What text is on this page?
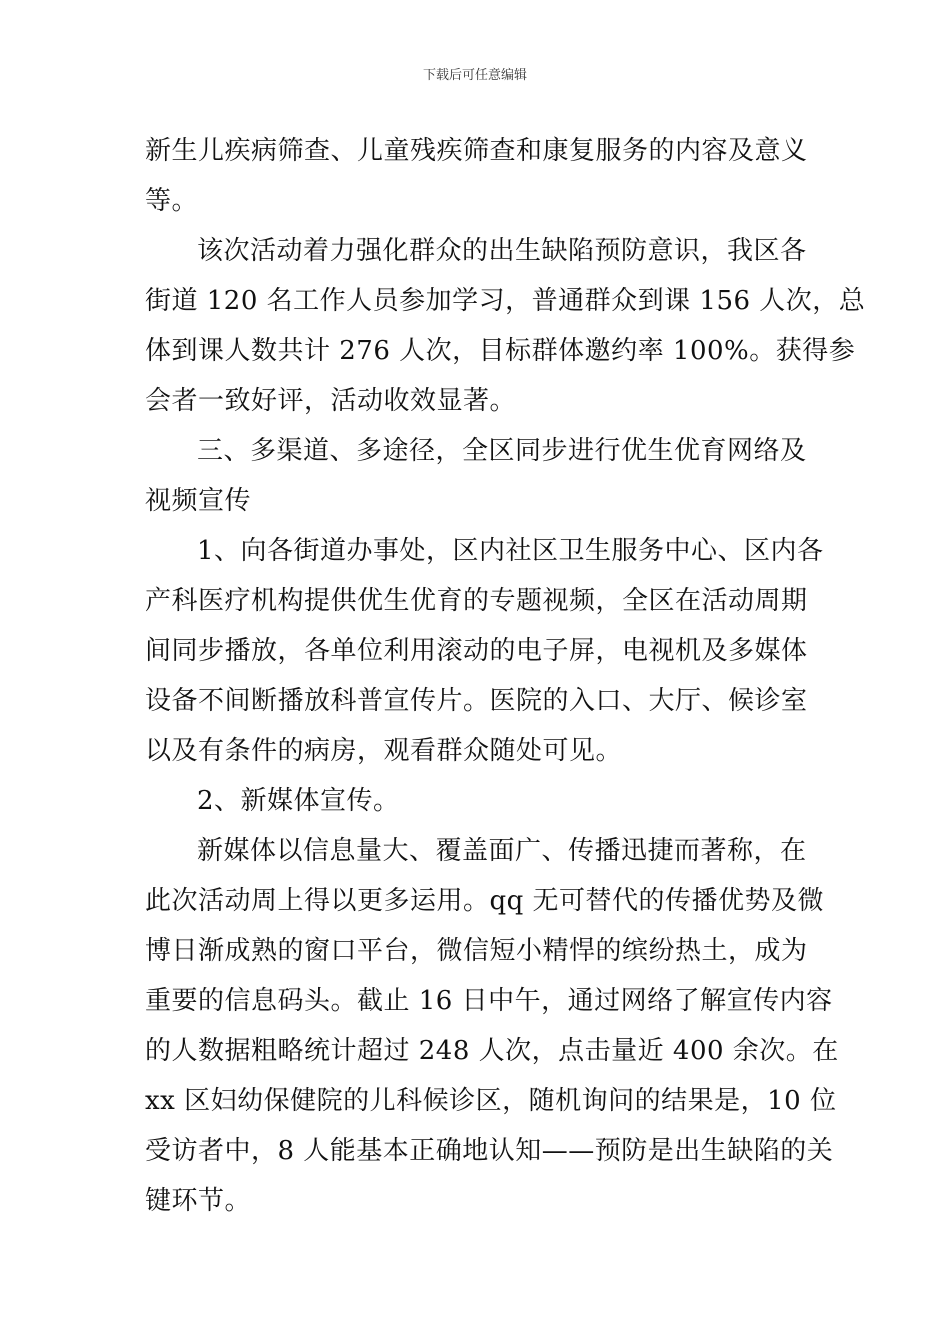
下载后可任意编辑
新生儿疾病筛查、儿童残疾筛查和康复服务的内容及意义
等。
该次活动着力强化群众的出生缺陷预防意识，我区各
街道 120 名工作人员参加学习，普通群众到课 156 人次，总
体到课人数共计 276 人次，目标群体邀约率 100%。获得参
会者一致好评，活动收效显著。
三、多渠道、多途径，全区同步进行优生优育网络及
视频宣传
1、向各街道办事处，区内社区卫生服务中心、区内各
产科医疗机构提供优生优育的专题视频，全区在活动周期
间同步播放，各单位利用滚动的电子屏，电视机及多媒体
设备不间断播放科普宣传片。医院的入口、大厅、候诊室
以及有条件的病房，观看群众随处可见。
2、新媒体宣传。
新媒体以信息量大、覆盖面广、传播迅捷而著称，在
此次活动周上得以更多运用。qq 无可替代的传播优势及微
博日渐成熟的窗口平台，微信短小精悍的缤纷热土，成为
重要的信息码头。截止 16 日中午，通过网络了解宣传内容
的人数据粗略统计超过 248 人次，点击量近 400 余次。在
xx 区妇幼保健院的儿科候诊区，随机询问的结果是，10 位
受访者中，8 人能基本正确地认知——预防是出生缺陷的关
键环节。
